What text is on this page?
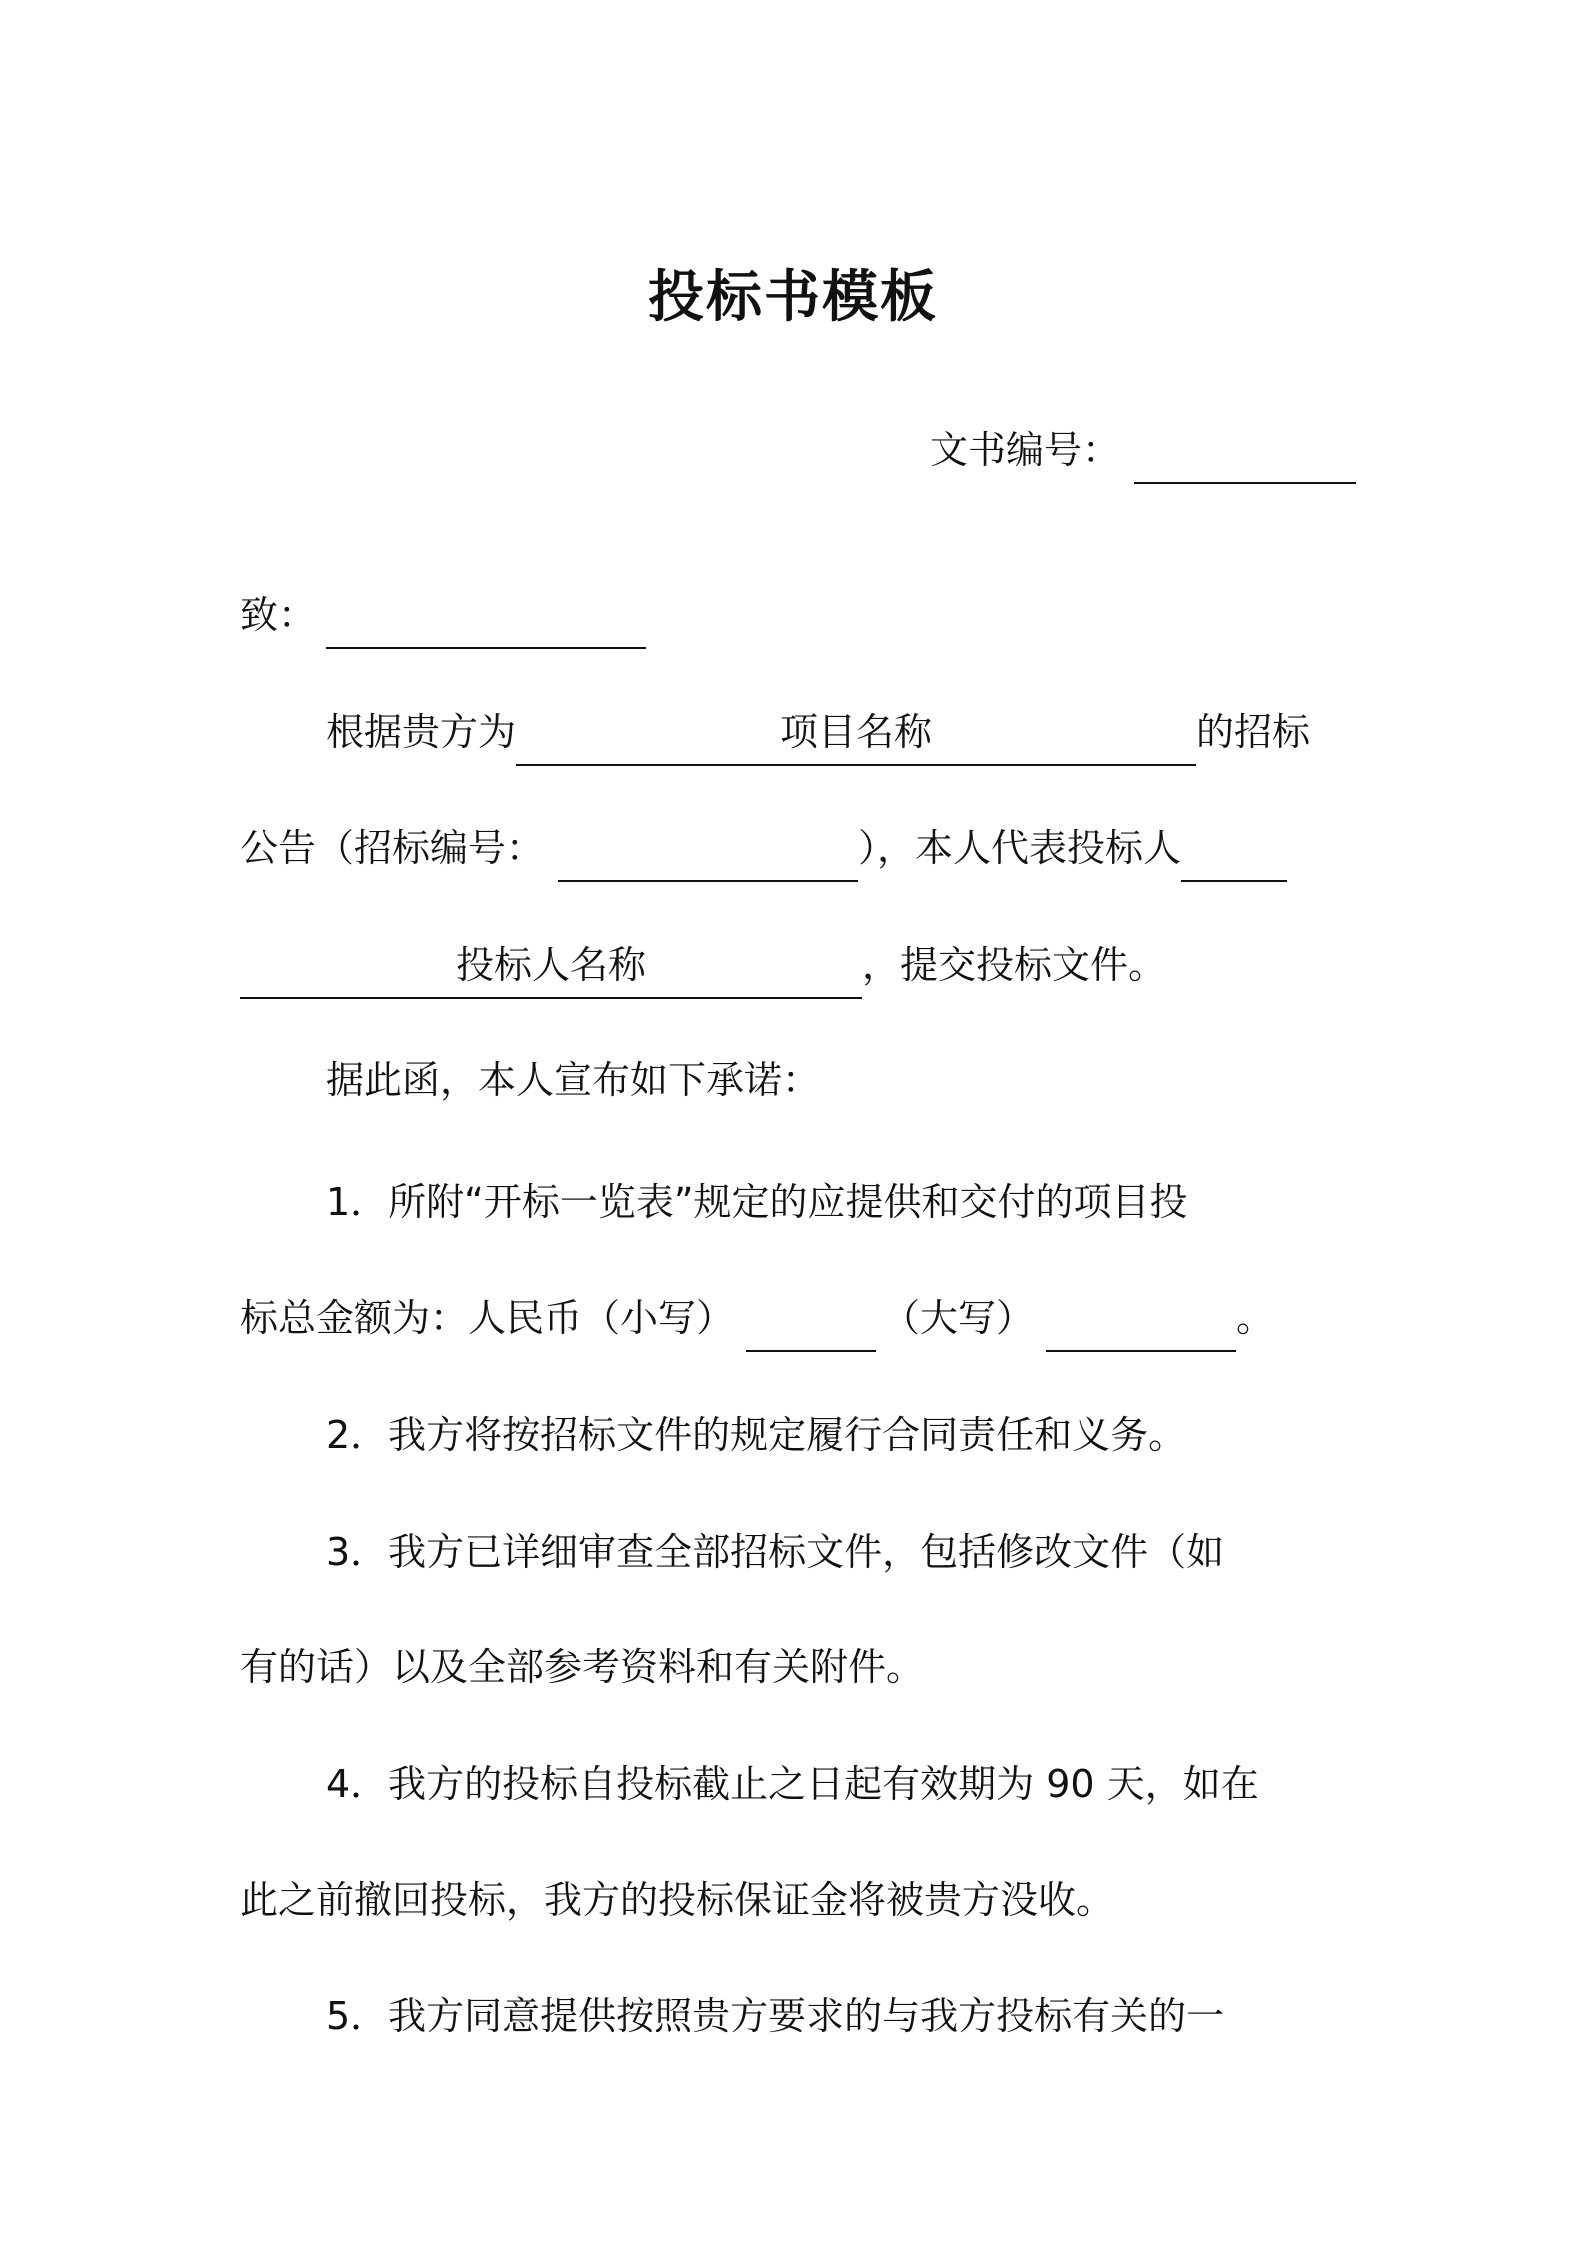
投标书模板
文书编号：
致：
根据贵方为	项目名称	的招标
公告（招标编号：	），本人代表投标人
投标人名称	，提交投标文件。
据此函，本人宣布如下承诺：
1．所附“开标一览表”规定的应提供和交付的项目投
标总金额为：人民币（小写）	（大写）	。
2．我方将按招标文件的规定履行合同责任和义务。
3．我方已详细审查全部招标文件，包括修改文件（如
有的话）以及全部参考资料和有关附件。
4．我方的投标自投标截止之日起有效期为 90 天，如在
此之前撤回投标，我方的投标保证金将被贵方没收。
5．我方同意提供按照贵方要求的与我方投标有关的一
